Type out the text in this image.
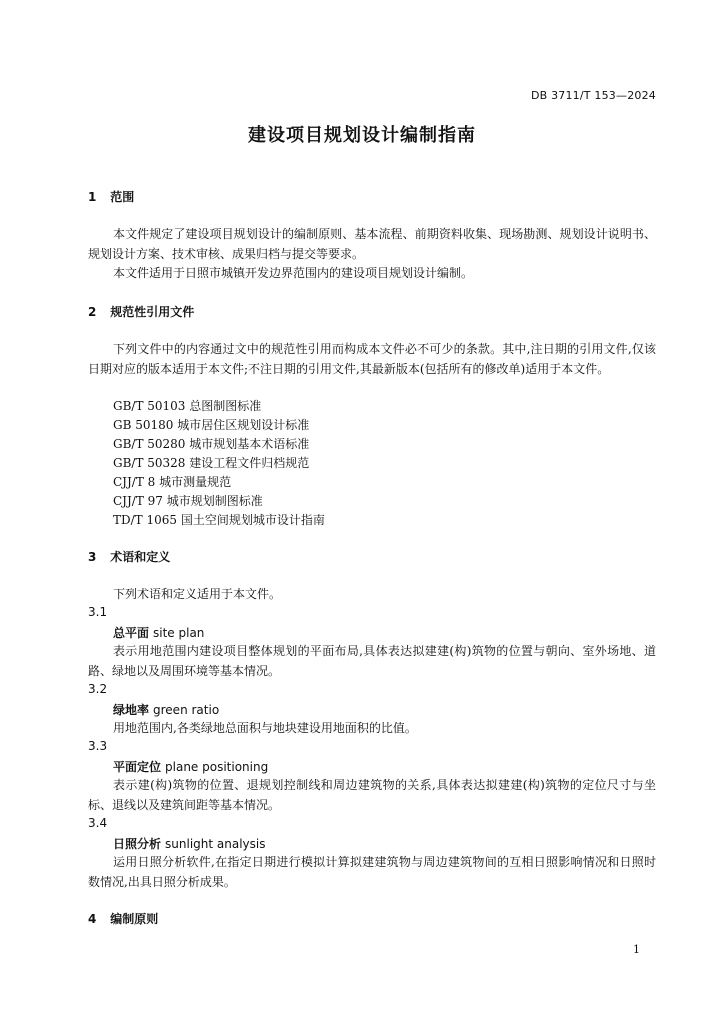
DB 3711/T 153—2024
建设项目规划设计编制指南
1 范围
本文件规定了建设项目规划设计的编制原则、基本流程、前期资料收集、现场勘测、规划设计说明书、规划设计方案、技术审核、成果归档与提交等要求。
本文件适用于日照市城镇开发边界范围内的建设项目规划设计编制。
2 规范性引用文件
下列文件中的内容通过文中的规范性引用而构成本文件必不可少的条款。其中,注日期的引用文件,仅该日期对应的版本适用于本文件;不注日期的引用文件,其最新版本(包括所有的修改单)适用于本文件。
GB/T 50103 总图制图标准
GB 50180 城市居住区规划设计标准
GB/T 50280 城市规划基本术语标准
GB/T 50328 建设工程文件归档规范
CJJ/T 8 城市测量规范
CJJ/T 97 城市规划制图标准
TD/T 1065 国土空间规划城市设计指南
3 术语和定义
下列术语和定义适用于本文件。
3.1
总平面 site plan
表示用地范围内建设项目整体规划的平面布局,具体表达拟建建(构)筑物的位置与朝向、室外场地、道路、绿地以及周围环境等基本情况。
3.2
绿地率 green ratio
用地范围内,各类绿地总面积与地块建设用地面积的比值。
3.3
平面定位 plane positioning
表示建(构)筑物的位置、退规划控制线和周边建筑物的关系,具体表达拟建建(构)筑物的定位尺寸与坐标、退线以及建筑间距等基本情况。
3.4
日照分析 sunlight analysis
运用日照分析软件,在指定日期进行模拟计算拟建建筑物与周边建筑物间的互相日照影响情况和日照时数情况,出具日照分析成果。
4 编制原则
1
